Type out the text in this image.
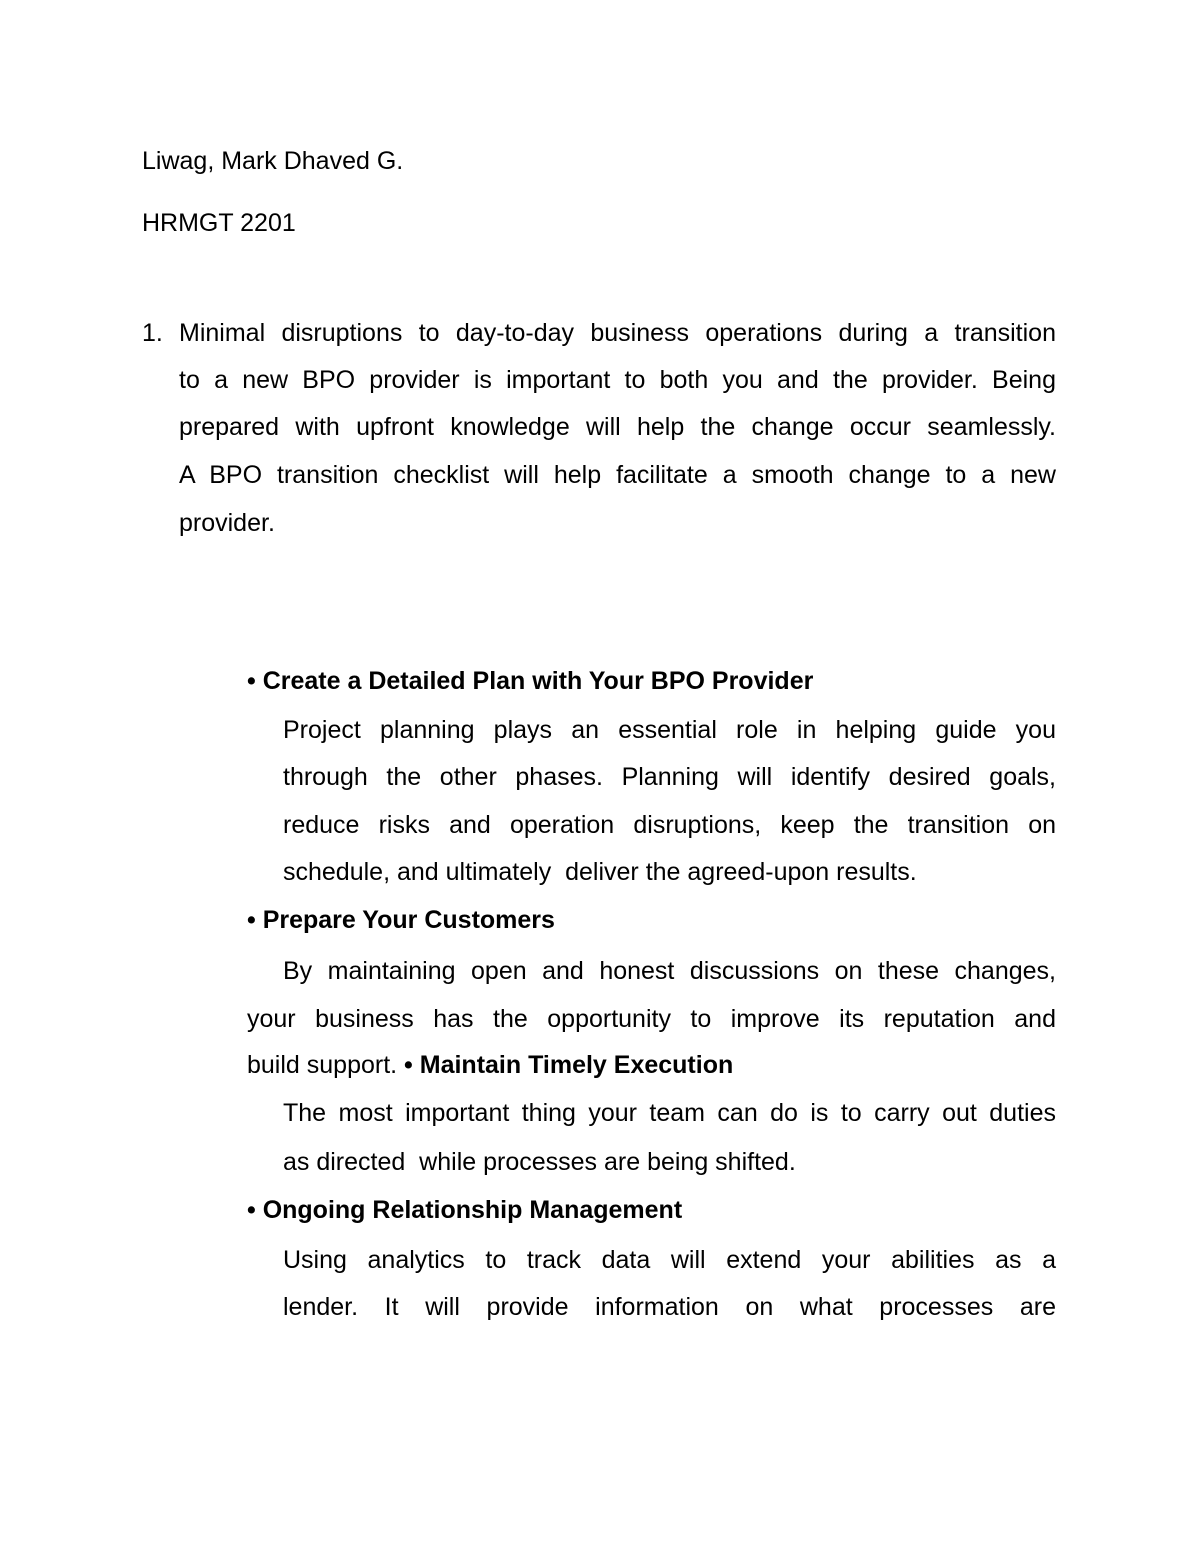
Liwag, Mark Dhaved G.
HRMGT 2201
1. Minimal disruptions to day-to-day business operations during a transition
to a new BPO provider is important to both you and the provider. Being
prepared with upfront knowledge will help the change occur seamlessly.
A BPO transition checklist will help facilitate a smooth change to a new
provider.
• Create a Detailed Plan with Your BPO Provider
Project planning plays an essential role in helping guide you
through the other phases. Planning will identify desired goals,
reduce risks and operation disruptions, keep the transition on
schedule, and ultimately  deliver the agreed-upon results.
• Prepare Your Customers
By maintaining open and honest discussions on these changes,
your business has the opportunity to improve its reputation and
build support. • Maintain Timely Execution
The most important thing your team can do is to carry out duties
as directed  while processes are being shifted.
• Ongoing Relationship Management
Using analytics to track data will extend your abilities as a
lender. It will provide information on what processes are
